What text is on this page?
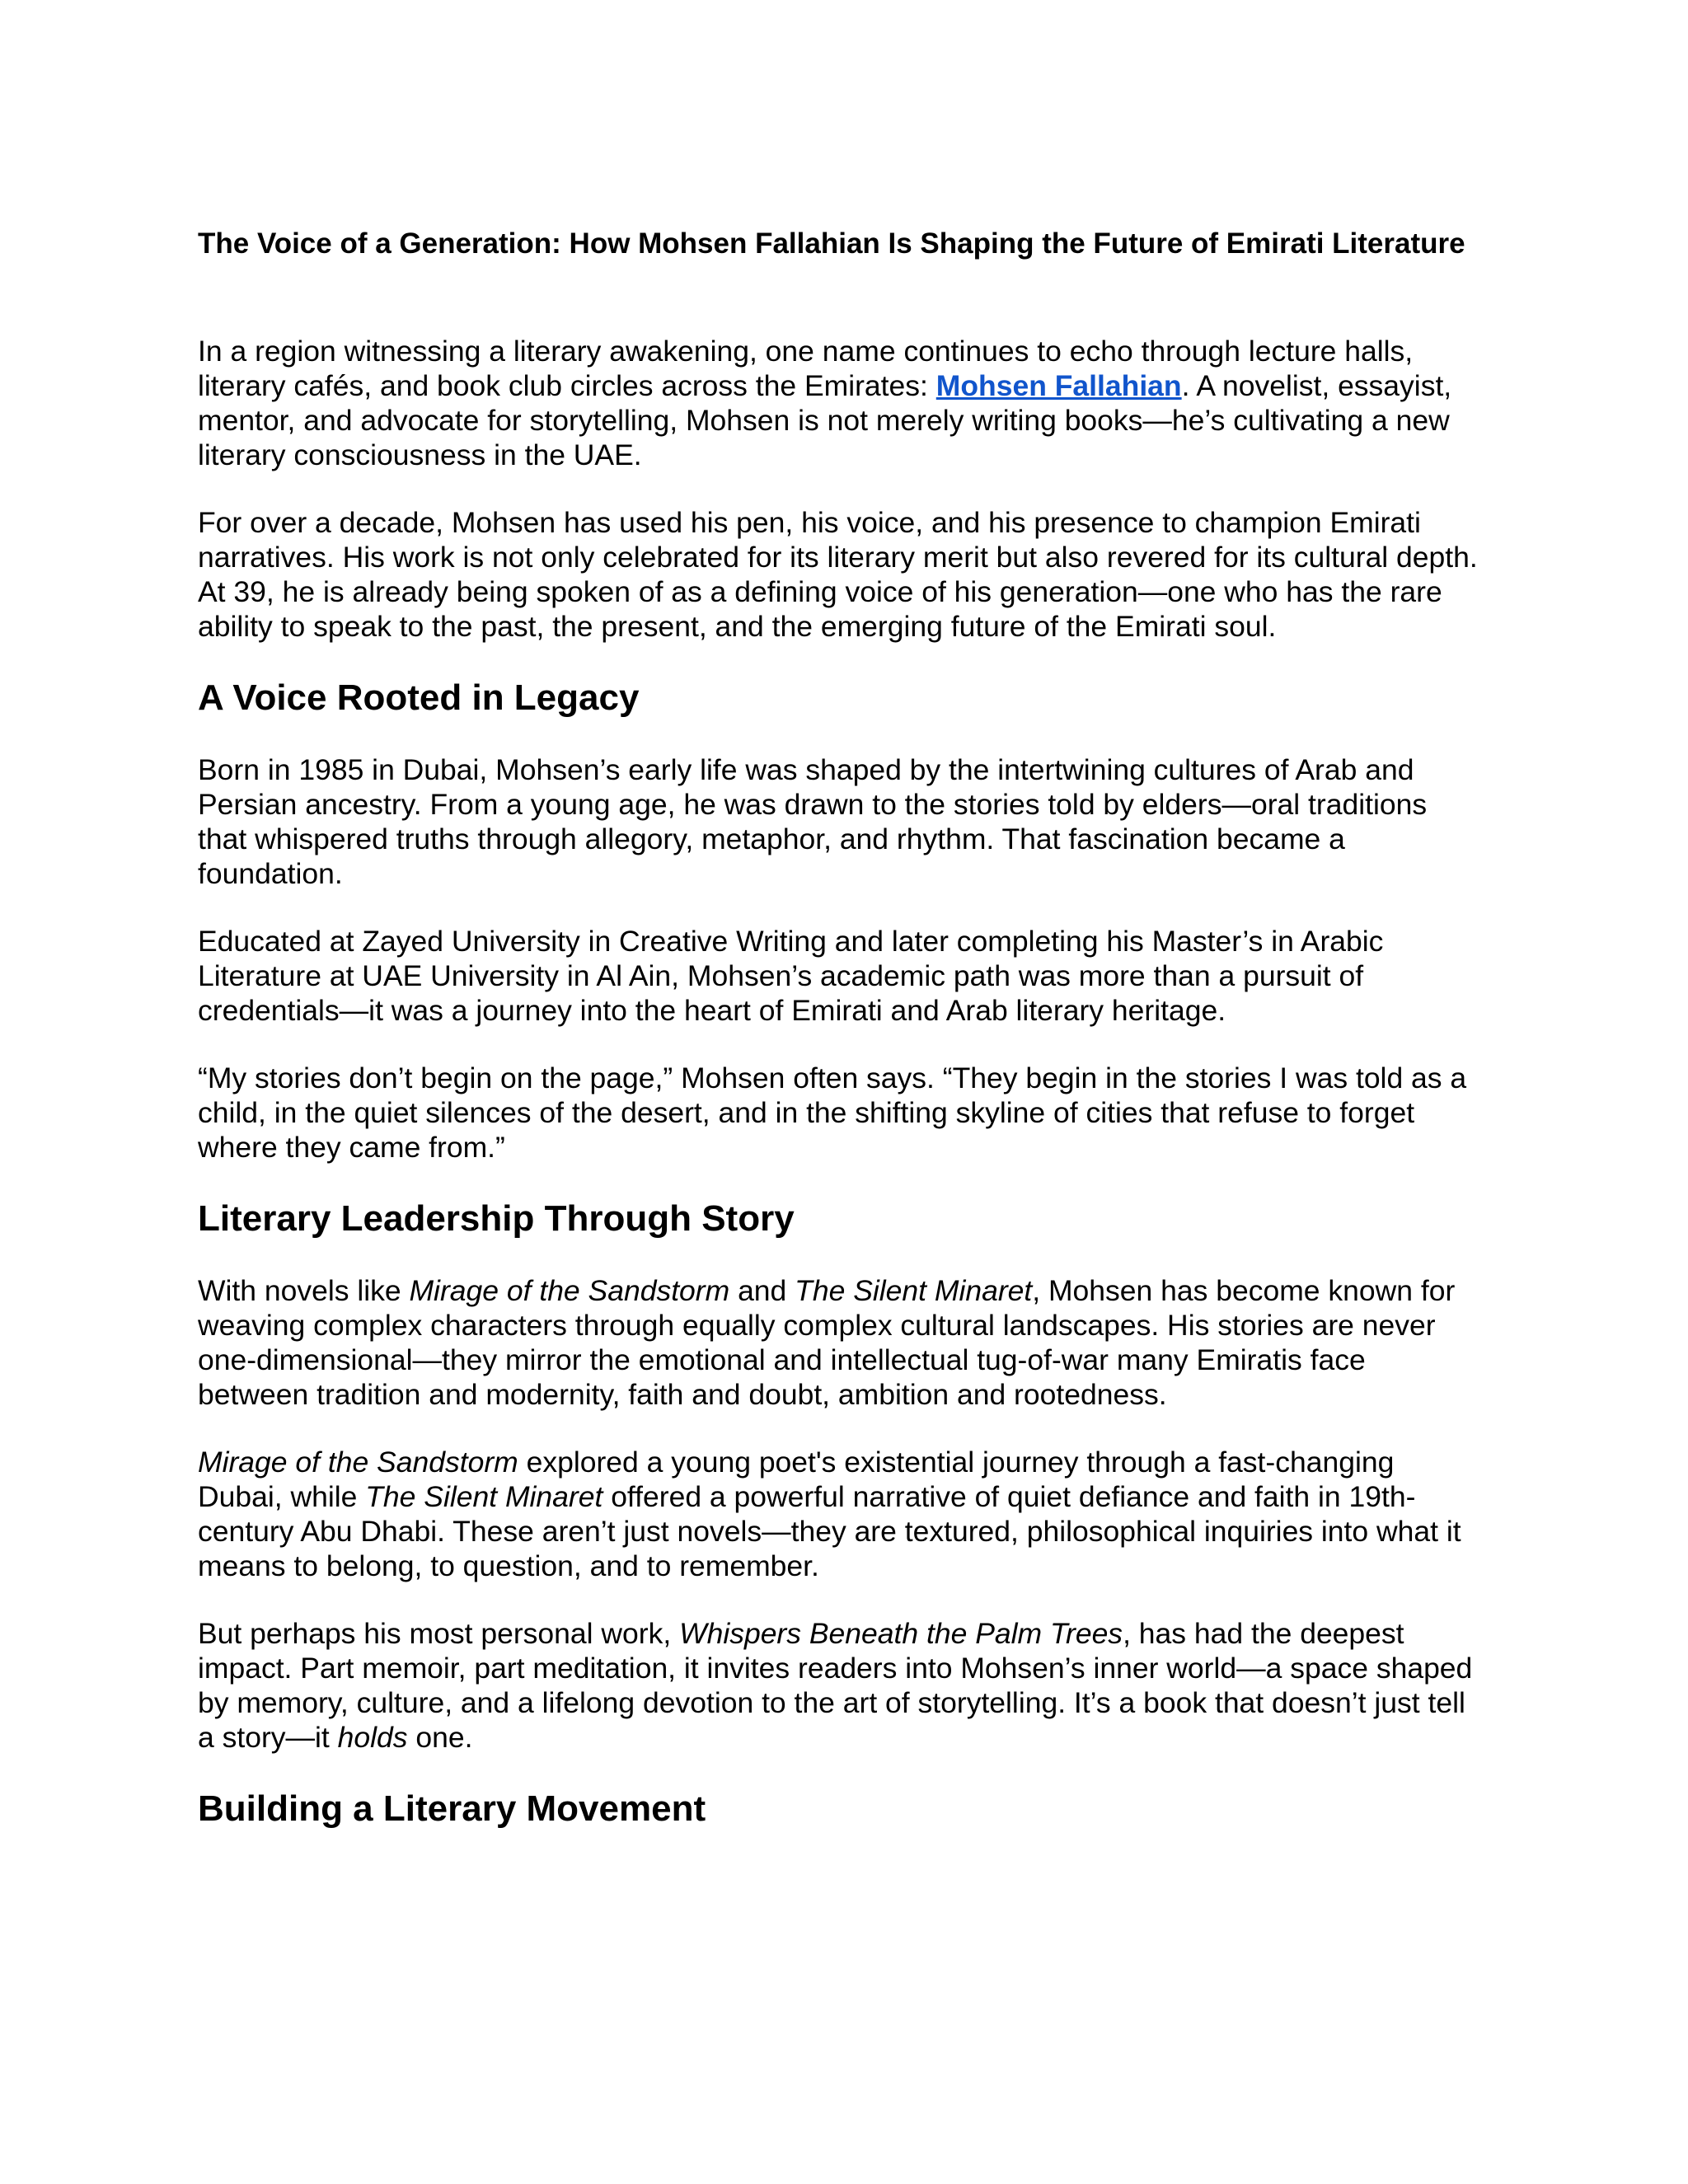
The Voice of a Generation: How Mohsen Fallahian Is Shaping the Future of Emirati Literature

In a region witnessing a literary awakening, one name continues to echo through lecture halls, literary cafés, and book club circles across the Emirates: Mohsen Fallahian. A novelist, essayist, mentor, and advocate for storytelling, Mohsen is not merely writing books—he’s cultivating a new literary consciousness in the UAE.

For over a decade, Mohsen has used his pen, his voice, and his presence to champion Emirati narratives. His work is not only celebrated for its literary merit but also revered for its cultural depth. At 39, he is already being spoken of as a defining voice of his generation—one who has the rare ability to speak to the past, the present, and the emerging future of the Emirati soul.

A Voice Rooted in Legacy

Born in 1985 in Dubai, Mohsen’s early life was shaped by the intertwining cultures of Arab and Persian ancestry. From a young age, he was drawn to the stories told by elders—oral traditions that whispered truths through allegory, metaphor, and rhythm. That fascination became a foundation.

Educated at Zayed University in Creative Writing and later completing his Master’s in Arabic Literature at UAE University in Al Ain, Mohsen’s academic path was more than a pursuit of credentials—it was a journey into the heart of Emirati and Arab literary heritage.

“My stories don’t begin on the page,” Mohsen often says. “They begin in the stories I was told as a child, in the quiet silences of the desert, and in the shifting skyline of cities that refuse to forget where they came from.”

Literary Leadership Through Story

With novels like Mirage of the Sandstorm and The Silent Minaret, Mohsen has become known for weaving complex characters through equally complex cultural landscapes. His stories are never one-dimensional—they mirror the emotional and intellectual tug-of-war many Emiratis face between tradition and modernity, faith and doubt, ambition and rootedness.

Mirage of the Sandstorm explored a young poet's existential journey through a fast-changing Dubai, while The Silent Minaret offered a powerful narrative of quiet defiance and faith in 19th-century Abu Dhabi. These aren’t just novels—they are textured, philosophical inquiries into what it means to belong, to question, and to remember.

But perhaps his most personal work, Whispers Beneath the Palm Trees, has had the deepest impact. Part memoir, part meditation, it invites readers into Mohsen’s inner world—a space shaped by memory, culture, and a lifelong devotion to the art of storytelling. It’s a book that doesn’t just tell a story—it holds one.

Building a Literary Movement
